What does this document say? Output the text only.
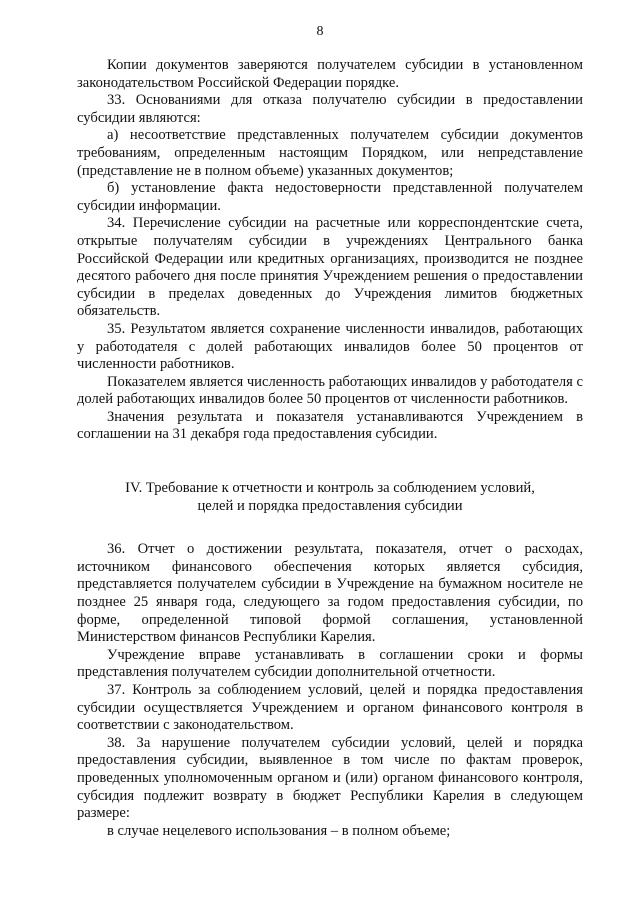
8

Копии документов заверяются получателем субсидии в установленном законодательством Российской Федерации порядке.

33. Основаниями для отказа получателю субсидии в предоставлении субсидии являются:

а) несоответствие представленных получателем субсидии документов требованиям, определенным настоящим Порядком, или непредставление (представление не в полном объеме) указанных документов;

б) установление факта недостоверности представленной получателем субсидии информации.

34. Перечисление субсидии на расчетные или корреспондентские счета, открытые получателям субсидии в учреждениях Центрального банка Российской Федерации или кредитных организациях, производится не позднее десятого рабочего дня после принятия Учреждением решения о предоставлении субсидии в пределах доведенных до Учреждения лимитов бюджетных обязательств.

35. Результатом является сохранение численности инвалидов, работающих у работодателя с долей работающих инвалидов более 50 процентов от численности работников.

Показателем является численность работающих инвалидов у работодателя с долей работающих инвалидов более 50 процентов от численности работников.

Значения результата и показателя устанавливаются Учреждением в соглашении на 31 декабря года предоставления субсидии.

IV. Требование к отчетности и контроль за соблюдением условий,

целей и порядка предоставления субсидии

36. Отчет о достижении результата, показателя, отчет о расходах, источником финансового обеспечения которых является субсидия, представляется получателем субсидии в Учреждение на бумажном носителе не позднее 25 января года, следующего за годом предоставления субсидии, по форме, определенной типовой формой соглашения, установленной Министерством финансов Республики Карелия.

Учреждение вправе устанавливать в соглашении сроки и формы представления получателем субсидии дополнительной отчетности.

37. Контроль за соблюдением условий, целей и порядка предоставления субсидии осуществляется Учреждением и органом финансового контроля в соответствии с законодательством.

38. За нарушение получателем субсидии условий, целей и порядка предоставления субсидии, выявленное в том числе по фактам проверок, проведенных уполномоченным органом и (или) органом финансового контроля, субсидия подлежит возврату в бюджет Республики Карелия в следующем размере:

в случае нецелевого использования – в полном объеме;
